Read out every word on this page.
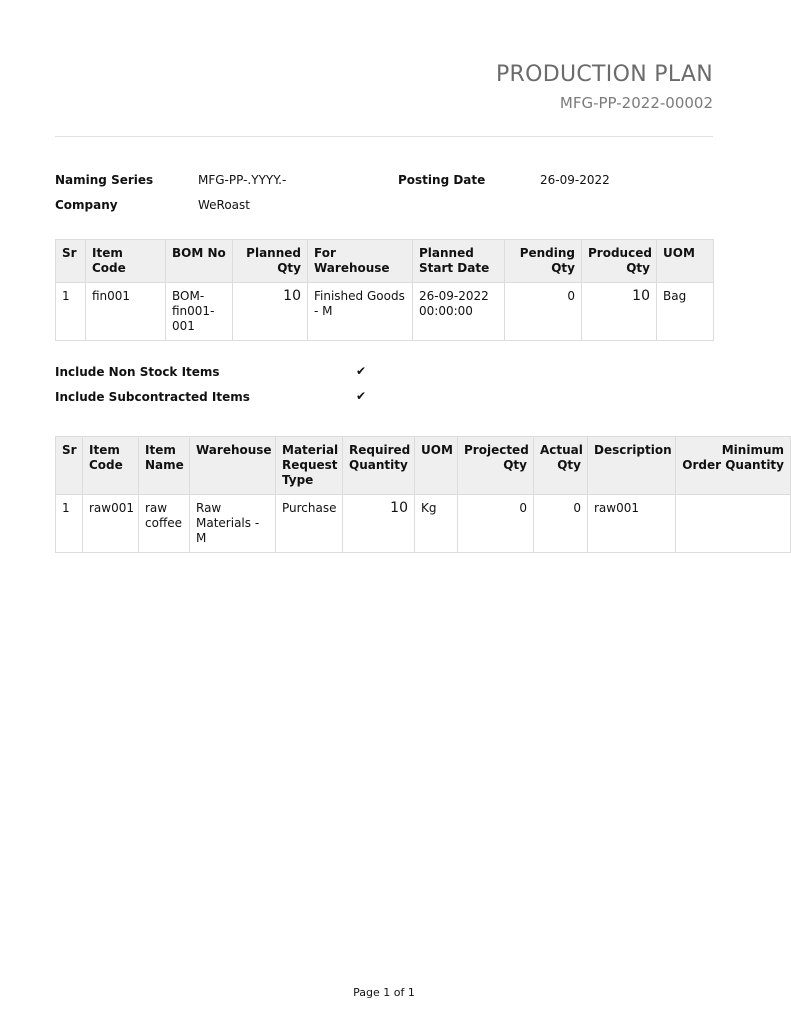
PRODUCTION PLAN
MFG-PP-2022-00002
Naming Series	MFG-PP-.YYYY.-	Posting Date	26-09-2022
Company	WeRoast
Sr	Item Code	BOM No	Planned Qty	For Warehouse	Planned Start Date	Pending Qty	Produced Qty	UOM
1	fin001	BOM-fin001-001	10	Finished Goods - M	26-09-2022 00:00:00	0	10	Bag
Include Non Stock Items	✔
Include Subcontracted Items	✔
Sr	Item Code	Item Name	Warehouse	Material Request Type	Required Quantity	UOM	Projected Qty	Actual Qty	Description	Minimum Order Quantity
1	raw001	raw coffee	Raw Materials - M	Purchase	10	Kg	0	0	raw001	
Page 1 of 1
